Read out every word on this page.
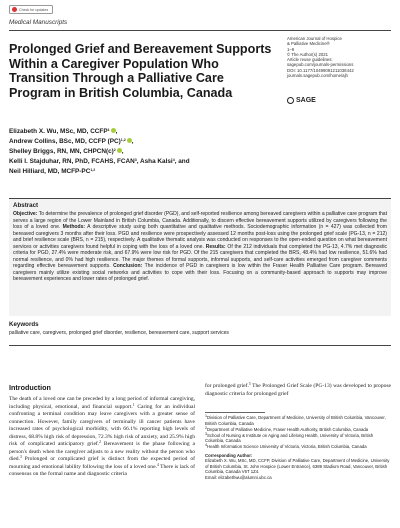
Check for updates
Medical Manuscripts
Prolonged Grief and Bereavement Supports Within a Caregiver Population Who Transition Through a Palliative Care Program in British Columbia, Canada
American Journal of Hospice
& Palliative Medicine®
1–9
© The Author(s) 2021
Article reuse guidelines:
sagepub.com/journals-permissions
DOI: 10.1177/10499091211038442
journals.sagepub.com/home/ajh
SAGE
Elizabeth X. Wu, MSc, MD, CCFP$^1$ ,
Andrew Collins, BSc, MD, CCFP (PC)$^{1,2}$ ,
Shelley Briggs, RN, MN, $CHPCN(c)^2$ ,
Kelli I. Stajduhar, RN, PhD, FCAHS, FCAN$^3$, Asha Kalsi$^4$, and
Neil Hilliard, MD, MCFP-PC$^{1,2}$
Abstract
Objective: To determine the prevalence of prolonged grief disorder (PGD), and self-reported resilience among bereaved caregivers within a palliative care program that serves a large region of the Lower Mainland in British Columbia, Canada. Additionally, to discern effective bereavement supports utilized by caregivers following the loss of a loved one. Methods: A descriptive study using both quantitative and qualitative methods. Sociodemographic information (n = 427) was collected from bereaved caregivers 3 months after their loss. PGD and resilience were prospectively assessed 12 months post-loss using the prolonged grief scale (PG-13, n = 212) and brief resilience scale (BRS, n = 215), respectively. A qualitative thematic analysis was conducted on responses to the open-ended question on what bereavement services or activities caregivers found helpful in coping with the loss of a loved one. Results: Of the 212 individuals that completed the PG-13, 4.7% met diagnostic criteria for PGD, 27.4% were moderate risk, and 67.9% were low risk for PGD. Of the 215 caregivers that completed the BRS, 48.4% had low resilience, 51.6% had normal resilience, and 0% had high resilience. The major themes of formal supports, informal supports, and self-care activities emerged from caregiver comments regarding effective bereavement supports. Conclusion: The incidence of PGD in caregivers is low within the Fraser Health Palliative Care program. Bereaved caregivers mainly utilize existing social networks and activities to cope with their loss. Focusing on a community-based approach to supports may improve bereavement experiences and lower rates of prolonged grief.
Keywords
palliative care, caregivers, prolonged grief disorder, resilience, bereavement care, support services
Introduction
The death of a loved one can be preceded by a long period of informal caregiving, including physical, emotional, and financial support.$^1$ Caring for an individual confronting a terminal condition may leave caregivers with a greater sense of connection. However, family caregivers of terminally ill cancer patients have increased rates of psychological morbidity, with 66.1% reporting high levels of distress, 68.8% high risk of depression, 72.3% high risk of anxiety, and 25.9% high risk of complicated anticipatory grief.$^2$ Bereavement is the phase following a person's death when the caregiver adjusts to a new reality without the person who died.$^3$ Prolonged or complicated grief is distinct from the expected period of mourning and emotional lability following the loss of a loved one.$^4$ There is lack of consensus on the formal name and diagnostic criteria
for prolonged grief.$^5$ The Prolonged Grief Scale (PG-13) was developed to propose diagnostic criteria for prolonged grief
$^1$Division of Palliative Care, Department of Medicine, University of British Columbia, Vancouver, British Columbia, Canada
$^2$Department of Palliative Medicine, Fraser Health Authority, British Columbia, Canada
$^3$School of Nursing & Institute on Aging and Lifelong Health, University of Victoria, British Columbia, Canada
$^4$Health Information Science University of Victoria, Victoria, British Columbia, Canada
Corresponding Author:
Elizabeth X. Wu, MSc, MD, CCFP, Division of Palliative Care, Department of Medicine, University of British Columbia, St. John Hospice (Lower Entrance), 6389 Stadium Road, Vancouver, British Columbia, Canada V6T 1Z4.
Email: elizabethwu@alumni.ubc.ca
